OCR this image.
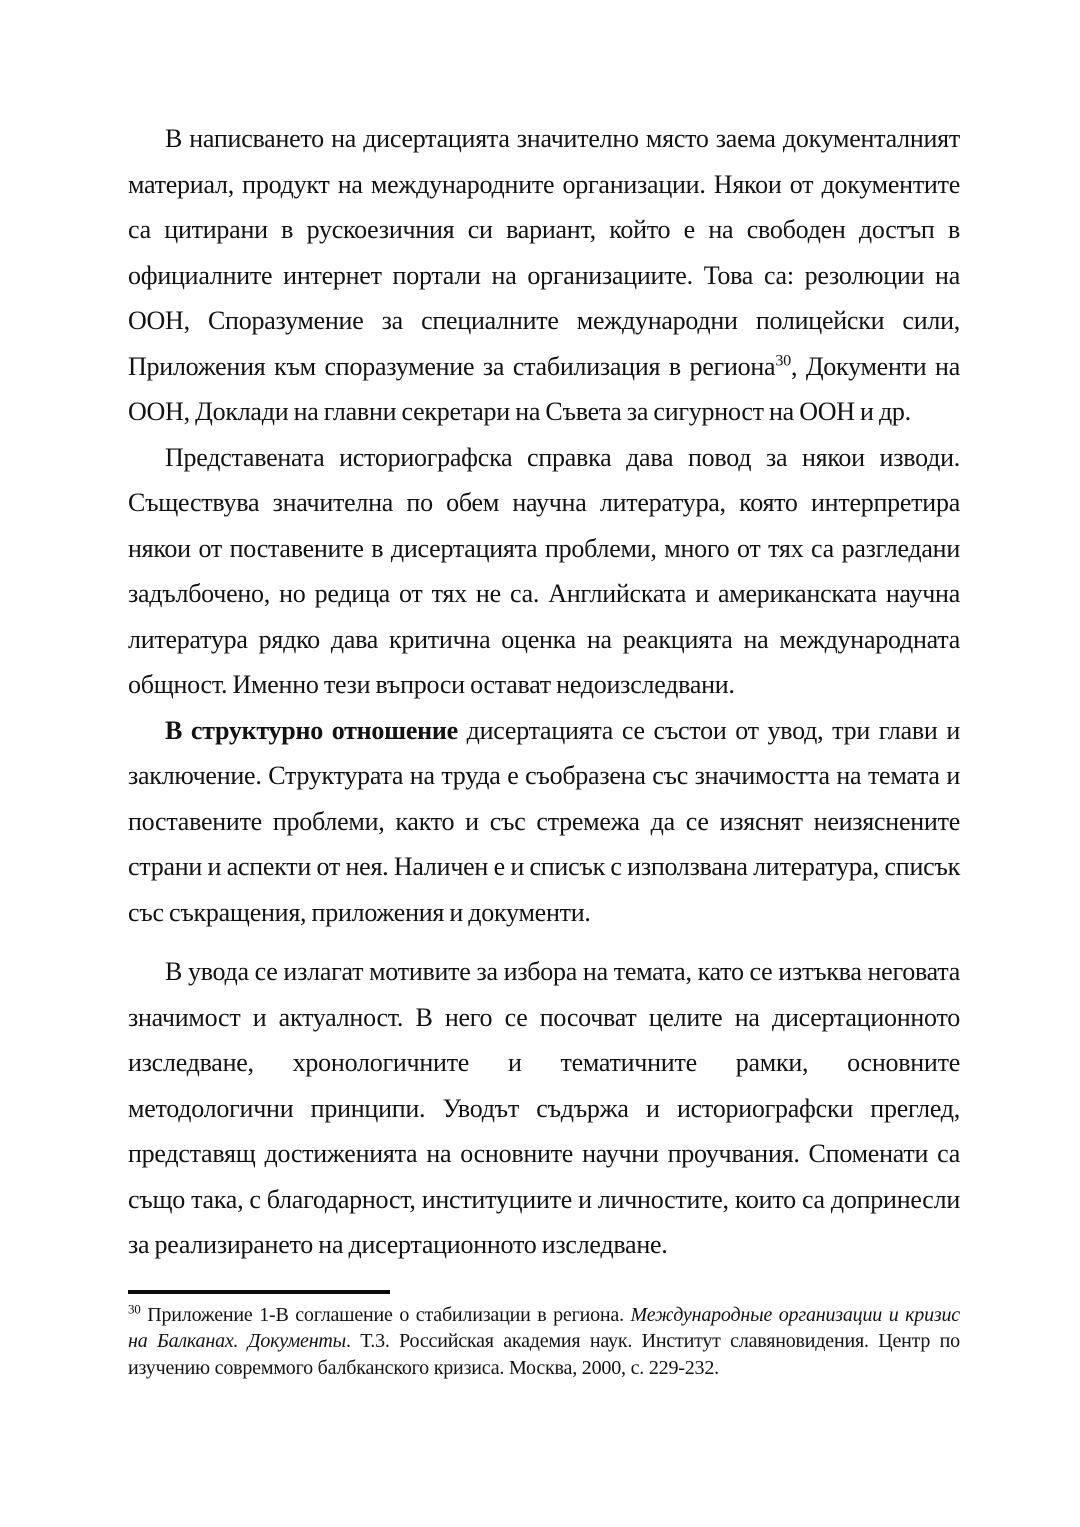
В написването на дисертацията значително място заема документалният материал, продукт на международните организации. Някои от документите са цитирани в рускоезичния си вариант, който е на свободен достъп в официалните интернет портали на организациите. Това са: резолюции на ООН, Споразумение за специалните международни полицейски сили, Приложения към споразумение за стабилизация в региона$^{30}$, Документи на ООН, Доклади на главни секретари на Съвета за сигурност на ООН и др.

Представената историографска справка дава повод за някои изводи. Съществува значителна по обем научна литература, която интерпретира някои от поставените в дисертацията проблеми, много от тях са разгледани задълбочено, но редица от тях не са. Английската и американската научна литература рядко дава критична оценка на реакцията на международната общност. Именно тези въпроси остават недоизследвани.

В структурно отношение дисертацията се състои от увод, три глави и заключение. Структурата на труда е съобразена със значимостта на темата и поставените проблеми, както и със стремежа да се изяснят неизяснените страни и аспекти от нея. Наличен е и списък с използвана литература, списък със съкращения, приложения и документи.

В увода се излагат мотивите за избора на темата, като се изтъква неговата значимост и актуалност. В него се посочват целите на дисертационното изследване, хронологичните и тематичните рамки, основните методологични принципи. Уводът съдържа и историографски преглед, представящ достиженията на основните научни проучвания. Споменати са също така, с благодарност, институциите и личностите, които са допринесли за реализирането на дисертационното изследване.

$^{30}$ Приложение 1-В соглашение о стабилизации в региона. Международные организации и кризис на Балканах. Документы. Т.3. Российская академия наук. Институт славяновидения. Центр по изучению совреммого балбканского кризиса. Москва, 2000, с. 229-232.
